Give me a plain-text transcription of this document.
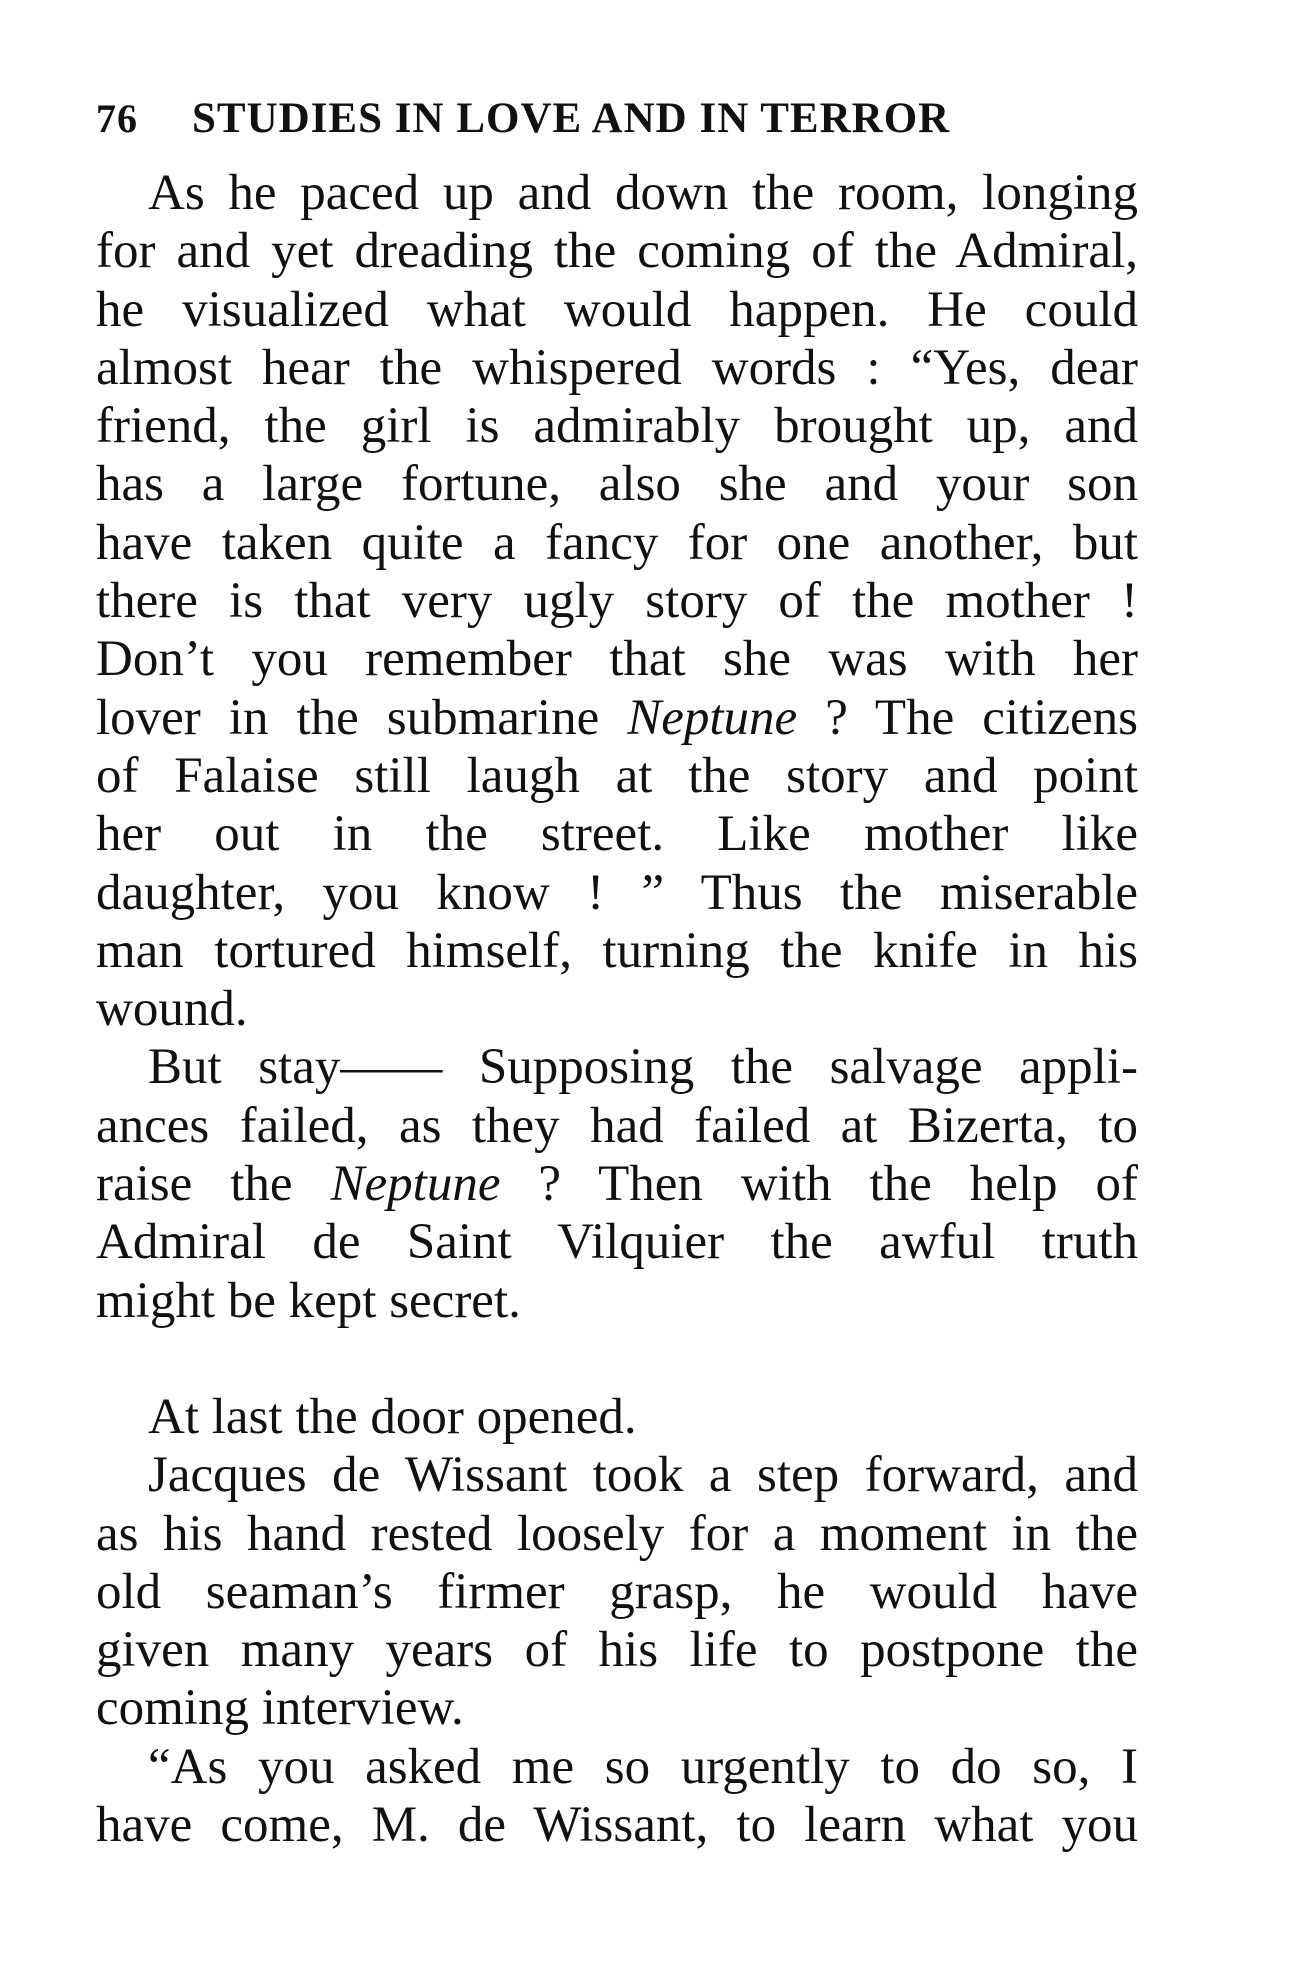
76	STUDIES IN LOVE AND IN TERROR
As he paced up and down the room, longing
for and yet dreading the coming of the Admiral,
he visualized what would happen. He could
almost hear the whispered words : “Yes, dear
friend, the girl is admirably brought up, and
has a large fortune, also she and your son
have taken quite a fancy for one another, but
there is that very ugly story of the mother !
Don’t you remember that she was with her
lover in the submarine Neptune ? The citizens
of Falaise still laugh at the story and point
her out in the street. Like mother like
daughter, you know ! ” Thus the miserable
man tortured himself, turning the knife in his
wound.
But stay—— Supposing the salvage appli-
ances failed, as they had failed at Bizerta, to
raise the Neptune ? Then with the help of
Admiral de Saint Vilquier the awful truth
might be kept secret.
At last the door opened.
Jacques de Wissant took a step forward, and
as his hand rested loosely for a moment in the
old seaman’s firmer grasp, he would have
given many years of his life to postpone the
coming interview.
“As you asked me so urgently to do so, I
have come, M. de Wissant, to learn what you
